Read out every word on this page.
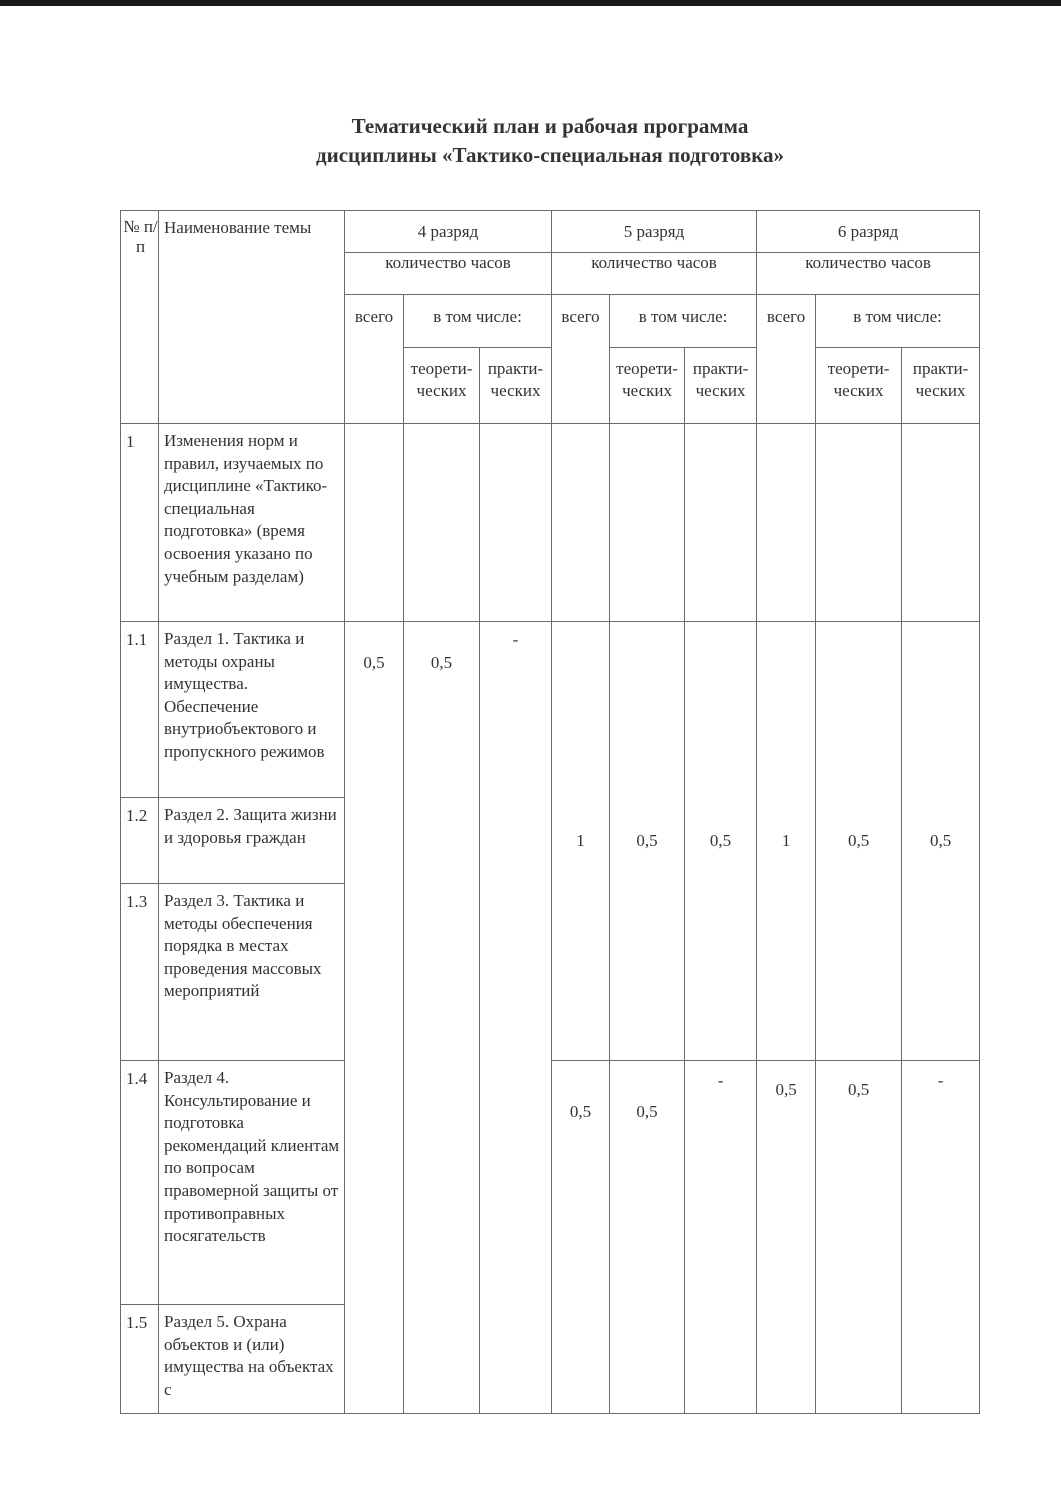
Тематический план и рабочая программа
дисциплины «Тактико-специальная подготовка»
№ п/п	Наименование темы	4 разряд			5 разряд			6 разряд		
		количество часов			количество часов			количество часов		
		всего	в том числе:		всего	в том числе:		всего	в том числе:	
			теорети-ческих	практи-ческих		теорети-ческих	практи-ческих		теорети-ческих	практи-ческих
1	Изменения норм и правил, изучаемых по дисциплине «Тактико-специальная подготовка» (время освоения указано по учебным разделам)									
1.1	Раздел 1. Тактика и методы охраны имущества. Обеспечение внутриобъектового и пропускного режимов	0,5	0,5	-	1	0,5	0,5	1	0,5	0,5
1.2	Раздел 2. Защита жизни и здоровья граждан									
1.3	Раздел 3. Тактика и методы обеспечения порядка в местах проведения массовых мероприятий									
1.4	Раздел 4. Консультирование и подготовка рекомендаций клиентам по вопросам правомерной защиты от противоправных посягательств				0,5	0,5	-	0,5	0,5	-
1.5	Раздел 5. Охрана объектов и (или) имущества на объектах с									
